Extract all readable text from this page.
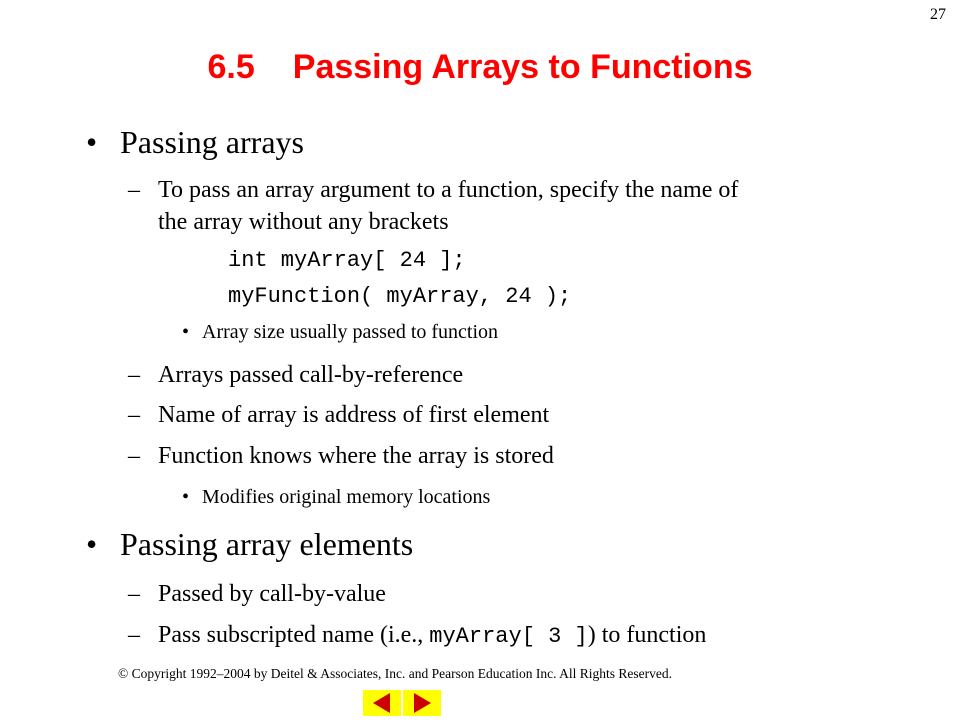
27
6.5 Passing Arrays to Functions
• Passing arrays
– To pass an array argument to a function, specify the name of
the array without any brackets
int myArray[ 24 ];
myFunction( myArray, 24 );
• Array size usually passed to function
– Arrays passed call-by-reference
– Name of array is address of first element
– Function knows where the array is stored
• Modifies original memory locations
• Passing array elements
– Passed by call-by-value
– Pass subscripted name (i.e., myArray[ 3 ]) to function
© Copyright 1992–2004 by Deitel & Associates, Inc. and Pearson Education Inc. All Rights Reserved.
